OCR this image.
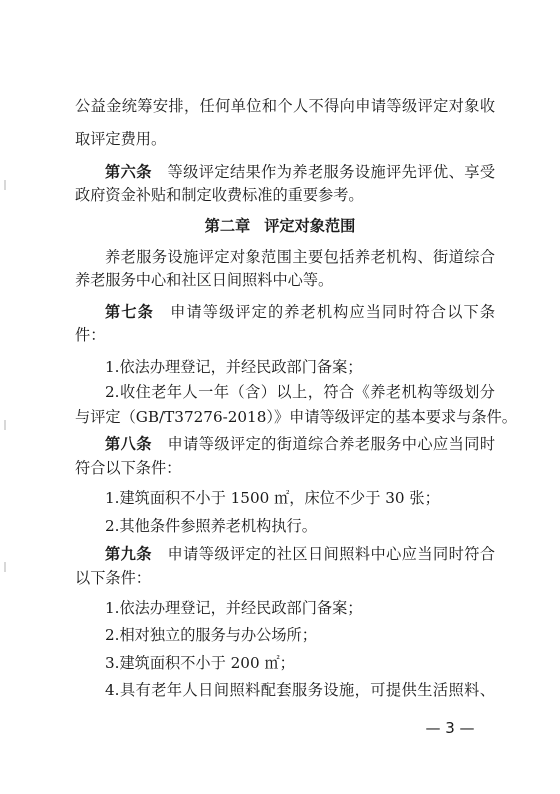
公益金统筹安排，任何单位和个人不得向申请等级评定对象收
取评定费用。
第六条  等级评定结果作为养老服务设施评先评优、享受
政府资金补贴和制定收费标准的重要参考。
第二章 评定对象范围
养老服务设施评定对象范围主要包括养老机构、街道综合
养老服务中心和社区日间照料中心等。
第七条  申请等级评定的养老机构应当同时符合以下条
件：
1.依法办理登记，并经民政部门备案；
2.收住老年人一年（含）以上，符合《养老机构等级划分
与评定（GB/T37276-2018）》申请等级评定的基本要求与条件。
第八条  申请等级评定的街道综合养老服务中心应当同时
符合以下条件：
1.建筑面积不小于 1500 ㎡，床位不少于 30 张；
2.其他条件参照养老机构执行。
第九条  申请等级评定的社区日间照料中心应当同时符合
以下条件：
1.依法办理登记，并经民政部门备案；
2.相对独立的服务与办公场所；
3.建筑面积不小于 200 ㎡；
4.具有老年人日间照料配套服务设施，可提供生活照料、
— 3 —
